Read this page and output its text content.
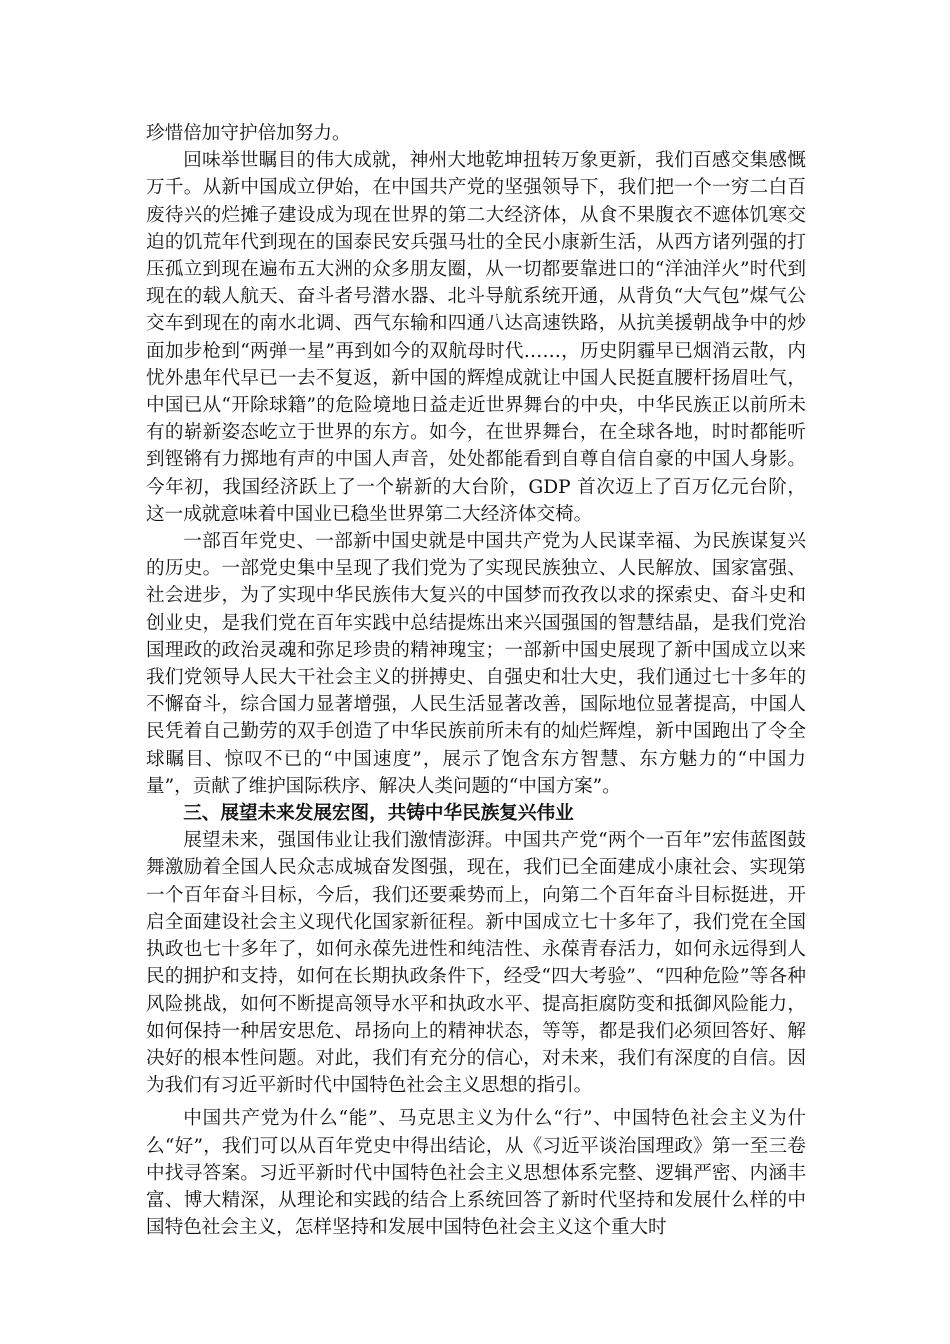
珍惜倍加守护倍加努力。

回味举世瞩目的伟大成就，神州大地乾坤扭转万象更新，我们百感交集感慨万千。从新中国成立伊始，在中国共产党的坚强领导下，我们把一个一穷二白百废待兴的烂摊子建设成为现在世界的第二大经济体，从食不果腹衣不遮体饥寒交迫的饥荒年代到现在的国泰民安兵强马壮的全民小康新生活，从西方诸列强的打压孤立到现在遍布五大洲的众多朋友圈，从一切都要靠进口的“洋油洋火”时代到现在的载人航天、奋斗者号潜水器、北斗导航系统开通，从背负“大气包”煤气公交车到现在的南水北调、西气东输和四通八达高速铁路，从抗美援朝战争中的炒面加步枪到“两弹一星”再到如今的双航母时代……，历史阴霾早已烟消云散，内忧外患年代早已一去不复返，新中国的辉煌成就让中国人民挺直腰杆扬眉吐气，中国已从“开除球籍”的危险境地日益走近世界舞台的中央，中华民族正以前所未有的崭新姿态屹立于世界的东方。如今，在世界舞台，在全球各地，时时都能听到铿锵有力掷地有声的中国人声音，处处都能看到自尊自信自豪的中国人身影。今年初，我国经济跃上了一个崭新的大台阶，GDP 首次迈上了百万亿元台阶，这一成就意味着中国业已稳坐世界第二大经济体交椅。

一部百年党史、一部新中国史就是中国共产党为人民谋幸福、为民族谋复兴的历史。一部党史集中呈现了我们党为了实现民族独立、人民解放、国家富强、社会进步，为了实现中华民族伟大复兴的中国梦而孜孜以求的探索史、奋斗史和创业史，是我们党在百年实践中总结提炼出来兴国强国的智慧结晶，是我们党治国理政的政治灵魂和弥足珍贵的精神瑰宝；一部新中国史展现了新中国成立以来我们党领导人民大干社会主义的拼搏史、自强史和壮大史，我们通过七十多年的不懈奋斗，综合国力显著增强，人民生活显著改善，国际地位显著提高，中国人民凭着自己勤劳的双手创造了中华民族前所未有的灿烂辉煌，新中国跑出了令全球瞩目、惊叹不已的“中国速度”，展示了饱含东方智慧、东方魅力的“中国力量”，贡献了维护国际秩序、解决人类问题的“中国方案”。

三、展望未来发展宏图，共铸中华民族复兴伟业

展望未来，强国伟业让我们激情澎湃。中国共产党“两个一百年”宏伟蓝图鼓舞激励着全国人民众志成城奋发图强，现在，我们已全面建成小康社会、实现第一个百年奋斗目标，今后，我们还要乘势而上，向第二个百年奋斗目标挺进，开启全面建设社会主义现代化国家新征程。新中国成立七十多年了，我们党在全国执政也七十多年了，如何永葆先进性和纯洁性、永葆青春活力，如何永远得到人民的拥护和支持，如何在长期执政条件下，经受“四大考验”、“四种危险”等各种风险挑战，如何不断提高领导水平和执政水平、提高拒腐防变和抵御风险能力，如何保持一种居安思危、昂扬向上的精神状态，等等，都是我们必须回答好、解决好的根本性问题。对此，我们有充分的信心，对未来，我们有深度的自信。因为我们有习近平新时代中国特色社会主义思想的指引。

中国共产党为什么“能”、马克思主义为什么“行”、中国特色社会主义为什么“好”，我们可以从百年党史中得出结论，从《习近平谈治国理政》第一至三卷中找寻答案。习近平新时代中国特色社会主义思想体系完整、逻辑严密、内涵丰富、博大精深，从理论和实践的结合上系统回答了新时代坚持和发展什么样的中国特色社会主义，怎样坚持和发展中国特色社会主义这个重大时
